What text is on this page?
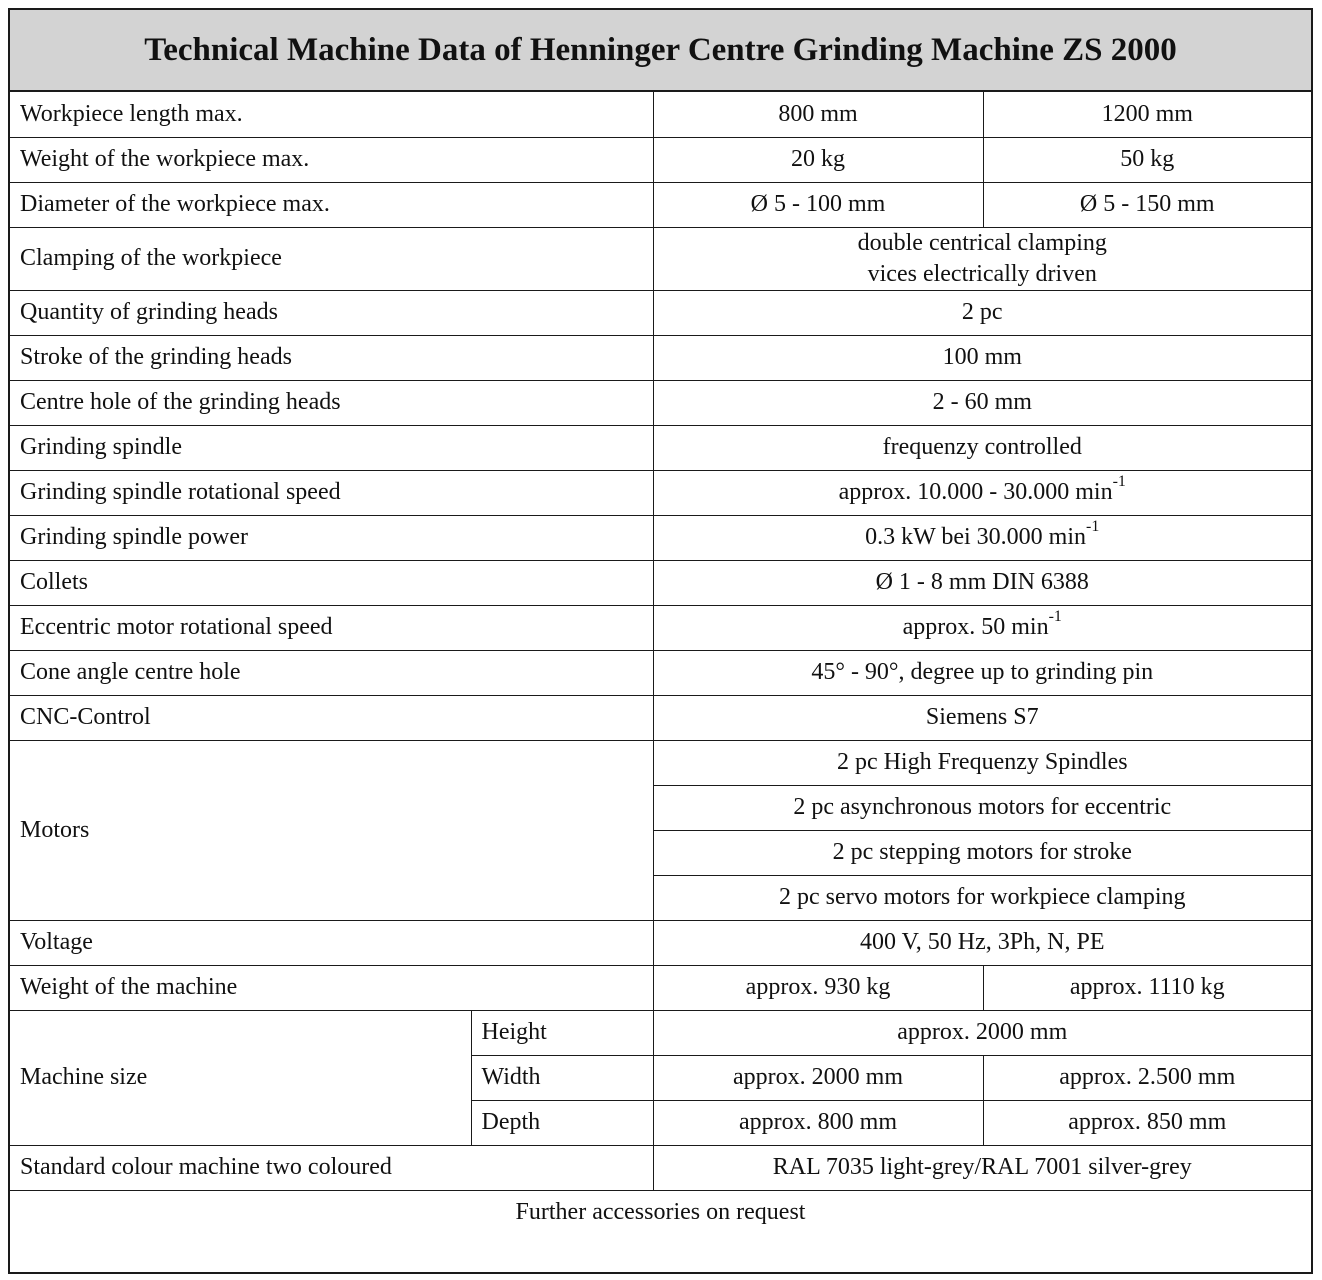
Technical Machine Data of Henninger Centre Grinding Machine ZS 2000
Workpiece length max.		800 mm	1200 mm
Weight of the workpiece max.		20 kg	50 kg
Diameter of the workpiece max.		Ø 5 - 100 mm	Ø 5 - 150 mm
Clamping of the workpiece		double centrical clamping
vices electrically driven	

Quantity of grinding heads		2 pc	
Stroke of the grinding heads		100 mm	
Centre hole of the grinding heads		2 - 60 mm	
Grinding spindle		frequenzy controlled	
Grinding spindle rotational speed		approx. 10.000 - 30.000 $\min^{-1}$
Grinding spindle power		0.3 kW bei 30.000 $\min^{-1}$
Collets		Ø 1 - 8 mm DIN 6388	
Eccentric motor rotational speed		approx. 50 $\min^{-1}$
Cone angle centre hole		45° - 90°, degree up to grinding pin	
CNC-Control		Siemens S7	
Motors		2 pc High Frequenzy Spindles	
		2 pc asynchronous motors for eccentric	
		2 pc stepping motors for stroke	
		2 pc servo motors for workpiece clamping	
Voltage		400 V, 50 Hz, 3Ph, N, PE	
Weight of the machine		approx. 930 kg	approx. 1110 kg
Machine size	Height	approx. 2000 mm	
	Width	approx. 2000 mm	approx. 2.500 mm
	Depth	approx. 800 mm	approx. 850 mm
Standard colour machine two coloured		RAL 7035 light-grey/RAL 7001 silver-grey	
Further accessories on request			
